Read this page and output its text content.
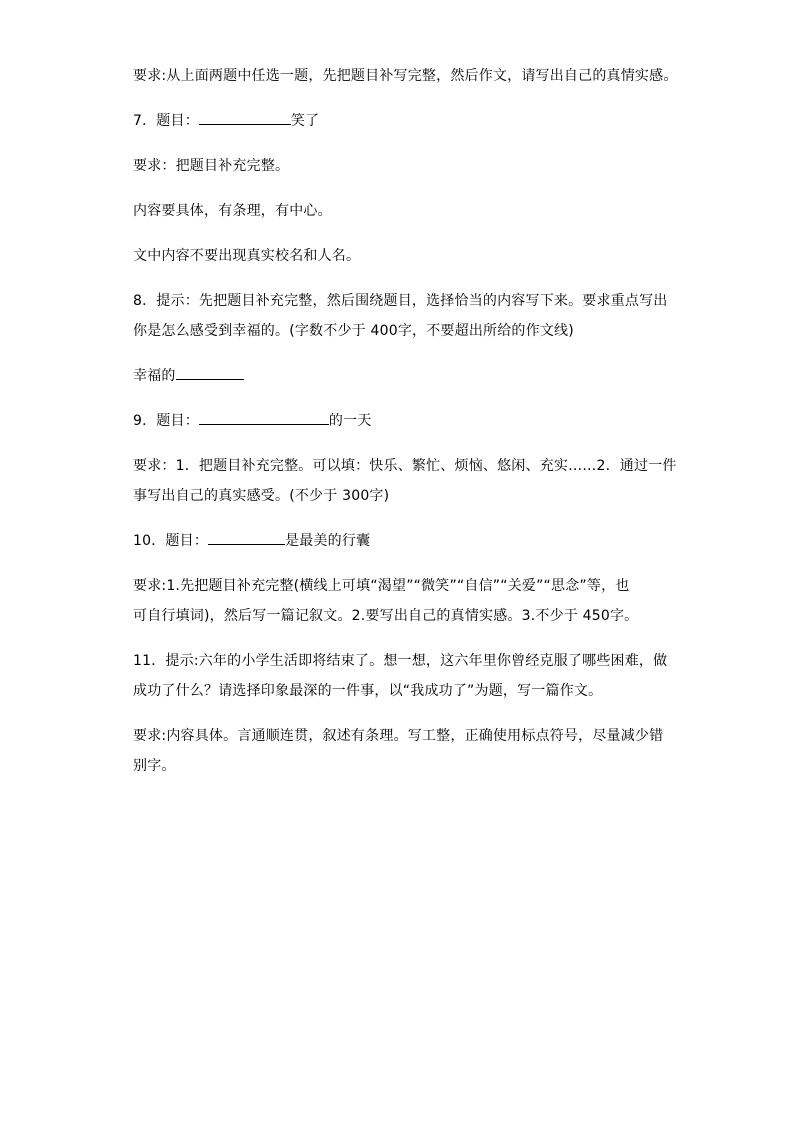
要求:从上面两题中任选一题，先把题目补写完整，然后作文，请写出自己的真情实感。
7．题目：	笑了
要求：把题目补充完整。
内容要具体，有条理，有中心。
文中内容不要出现真实校名和人名。
8．提示：先把题目补充完整，然后围绕题目，选择恰当的内容写下来。要求重点写出
你是怎么感受到幸福的。(字数不少于 400字，不要超出所给的作文线)
幸福的
9．题目：	的一天
要求：1．把题目补充完整。可以填：快乐、繁忙、烦恼、悠闲、充实……2．通过一件
事写出自己的真实感受。(不少于 300字)
10．题目：	是最美的行囊
要求:1.先把题目补充完整(横线上可填“渴望”“微笑”“自信”“关爱”“思念”等，也
可自行填词)，然后写一篇记叙文。2.要写出自己的真情实感。3.不少于 450字。
11．提示:六年的小学生活即将结束了。想一想，这六年里你曾经克服了哪些困难，做
成功了什么？请选择印象最深的一件事，以“我成功了”为题，写一篇作文。
要求:内容具体。言通顺连贯，叙述有条理。写工整，正确使用标点符号，尽量减少错
别字。
